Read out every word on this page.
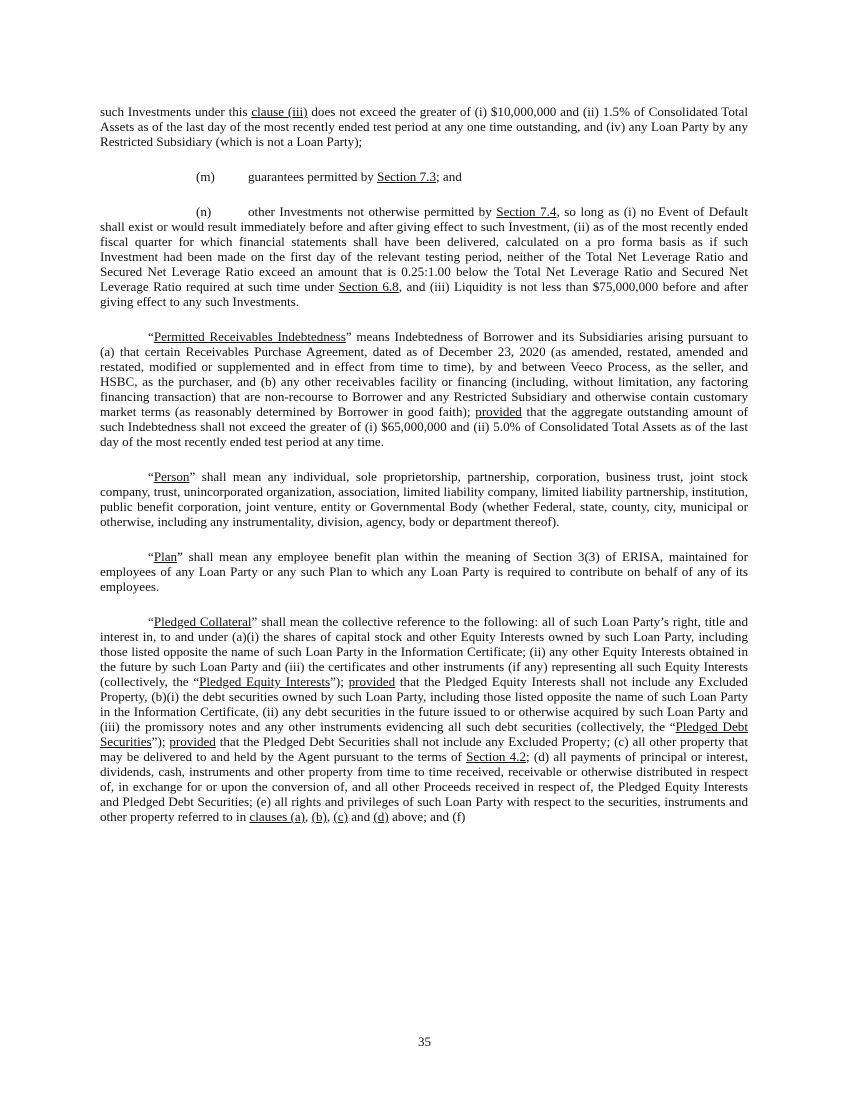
such Investments under this clause (iii) does not exceed the greater of (i) $10,000,000 and (ii) 1.5% of Consolidated Total Assets as of the last day of the most recently ended test period at any one time outstanding, and (iv) any Loan Party by any Restricted Subsidiary (which is not a Loan Party);

(m)	guarantees permitted by Section 7.3; and

(n)	other Investments not otherwise permitted by Section 7.4, so long as (i) no Event of Default shall exist or would result immediately before and after giving effect to such Investment, (ii) as of the most recently ended fiscal quarter for which financial statements shall have been delivered, calculated on a pro forma basis as if such Investment had been made on the first day of the relevant testing period, neither of the Total Net Leverage Ratio and Secured Net Leverage Ratio exceed an amount that is 0.25:1.00 below the Total Net Leverage Ratio and Secured Net Leverage Ratio required at such time under Section 6.8, and (iii) Liquidity is not less than $75,000,000 before and after giving effect to any such Investments.

“Permitted Receivables Indebtedness” means Indebtedness of Borrower and its Subsidiaries arising pursuant to (a) that certain Receivables Purchase Agreement, dated as of December 23, 2020 (as amended, restated, amended and restated, modified or supplemented and in effect from time to time), by and between Veeco Process, as the seller, and HSBC, as the purchaser, and (b) any other receivables facility or financing (including, without limitation, any factoring financing transaction) that are non-recourse to Borrower and any Restricted Subsidiary and otherwise contain customary market terms (as reasonably determined by Borrower in good faith); provided that the aggregate outstanding amount of such Indebtedness shall not exceed the greater of (i) $65,000,000 and (ii) 5.0% of Consolidated Total Assets as of the last day of the most recently ended test period at any time.

“Person” shall mean any individual, sole proprietorship, partnership, corporation, business trust, joint stock company, trust, unincorporated organization, association, limited liability company, limited liability partnership, institution, public benefit corporation, joint venture, entity or Governmental Body (whether Federal, state, county, city, municipal or otherwise, including any instrumentality, division, agency, body or department thereof).

“Plan” shall mean any employee benefit plan within the meaning of Section 3(3) of ERISA, maintained for employees of any Loan Party or any such Plan to which any Loan Party is required to contribute on behalf of any of its employees.

“Pledged Collateral” shall mean the collective reference to the following: all of such Loan Party’s right, title and interest in, to and under (a)(i) the shares of capital stock and other Equity Interests owned by such Loan Party, including those listed opposite the name of such Loan Party in the Information Certificate; (ii) any other Equity Interests obtained in the future by such Loan Party and (iii) the certificates and other instruments (if any) representing all such Equity Interests (collectively, the “Pledged Equity Interests”); provided that the Pledged Equity Interests shall not include any Excluded Property, (b)(i) the debt securities owned by such Loan Party, including those listed opposite the name of such Loan Party in the Information Certificate, (ii) any debt securities in the future issued to or otherwise acquired by such Loan Party and (iii) the promissory notes and any other instruments evidencing all such debt securities (collectively, the “Pledged Debt Securities”); provided that the Pledged Debt Securities shall not include any Excluded Property; (c) all other property that may be delivered to and held by the Agent pursuant to the terms of Section 4.2; (d) all payments of principal or interest, dividends, cash, instruments and other property from time to time received, receivable or otherwise distributed in respect of, in exchange for or upon the conversion of, and all other Proceeds received in respect of, the Pledged Equity Interests and Pledged Debt Securities; (e) all rights and privileges of such Loan Party with respect to the securities, instruments and other property referred to in clauses (a), (b), (c) and (d) above; and (f)

35
